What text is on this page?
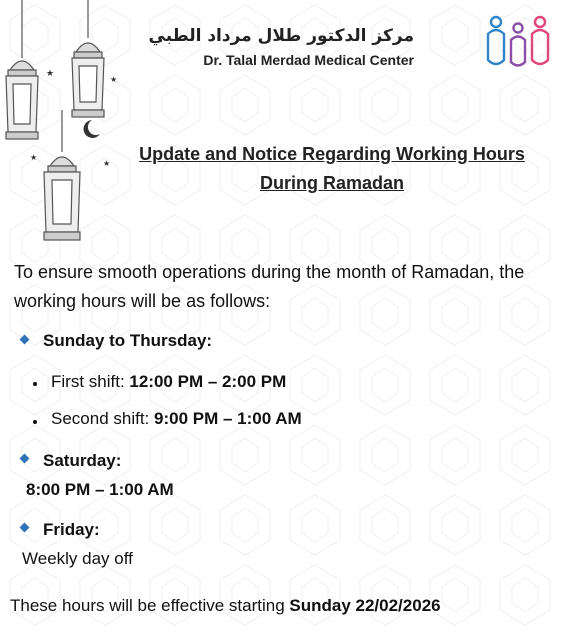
★
★
★
★
مركز الدكتور طلال مرداد الطبي
Dr. Talal Merdad Medical Center
Update and Notice Regarding Working Hours
During Ramadan
To ensure smooth operations during the month of Ramadan, the working hours will be as follows:
Sunday to Thursday:
First shift: 12:00 PM – 2:00 PM
Second shift: 9:00 PM – 1:00 AM
Saturday:
8:00 PM – 1:00 AM
Friday:
Weekly day off
These hours will be effective starting Sunday 22/02/2026
